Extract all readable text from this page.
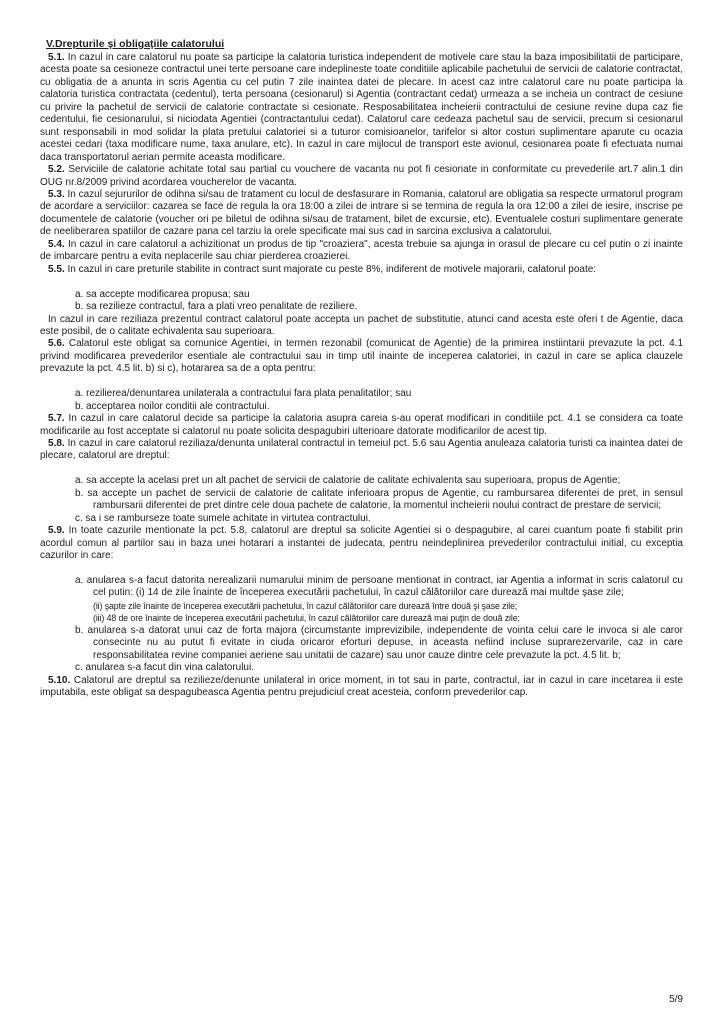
V.Drepturile şi obligaţiile calatorului

5.1. In cazul in care calatorul nu poate sa participe la calatoria turistica independent de motivele care stau la baza imposibilitatii de participare, acesta poate sa cesioneze contractul unei terte persoane care indeplineste toate conditiile aplicabile pachetului de servicii de calatorie contractat, cu obligatia de a anunta in scris Agentia cu cel putin 7 zile inaintea datei de plecare. In acest caz intre calatorul care nu poate participa la calatoria turistica contractata (cedentul), terta persoana (cesionarul) si Agentia (contractant cedat) urmeaza a se incheia un contract de cesiune cu privire la pachetul de servicii de calatorie contractate si cesionate. Resposabilitatea incheierii contractului de cesiune revine dupa caz fie cedentului, fie cesionarului, si niciodata Agentiei (contractantului cedat). Calatorul care cedeaza pachetul sau de servicii, precum si cesionarul sunt responsabili in mod solidar la plata pretului calatoriei si a tuturor comisioanelor, tarifelor si altor costuri suplimentare aparute cu ocazia acestei cedari (taxa modificare nume, taxa anulare, etc). In cazul in care mijlocul de transport este avionul, cesionarea poate fi efectuata numai daca transportatorul aerian permite aceasta modificare.

5.2. Serviciile de calatorie achitate total sau partial cu vouchere de vacanta nu pot fi cesionate in conformitate cu prevederile art.7 alin.1 din OUG nr.8/2009 privind acordarea voucherelor de vacanta.

5.3. In cazul sejururilor de odihna si/sau de tratament cu locul de desfasurare in Romania, calatorul are obligatia sa respecte urmatorul program de acordare a serviciilor: cazarea se face de regula la ora 18:00 a zilei de intrare si se termina de regula la ora 12:00 a zilei de iesire, inscrise pe documentele de calatorie (voucher ori pe biletul de odihna si/sau de tratament, bilet de excursie, etc). Eventualele costuri suplimentare generate de neeliberarea spatiilor de cazare pana cel tarziu la orele specificate mai sus cad in sarcina exclusiva a calatorului.

5.4. In cazul in care calatorul a achizitionat un produs de tip "croaziera", acesta trebuie sa ajunga in orasul de plecare cu cel putin o zi inainte de imbarcare pentru a evita neplacerile sau chiar pierderea croazierei.

5.5. In cazul in care preturile stabilite in contract sunt majorate cu peste 8%, indiferent de motivele majorarii, calatorul poate:

a. sa accepte modificarea propusa; sau

b. sa rezilieze contractul, fara a plati vreo penalitate de reziliere.

In cazul in care reziliaza prezentul contract calatorul poate accepta un pachet de substitutie, atunci cand acesta este oferi t de Agentie, daca este posibil, de o calitate echivalenta sau superioara.

5.6. Calatorul este obligat sa comunice Agentiei, in termen rezonabil (comunicat de Agentie) de la primirea instiintarii prevazute la pct. 4.1 privind modificarea prevederilor esentiale ale contractului sau in timp util inainte de inceperea calatoriei, in cazul in care se aplica clauzele prevazute la pct. 4.5 lit. b) si c), hotararea sa de a opta pentru:

a. rezilierea/denuntarea unilaterala a contractului fara plata penalitatilor; sau

b. acceptarea noilor conditii ale contractului.

5.7. In cazul in care calatorul decide sa participe la calatoria asupra careia s-au operat modificari in conditiile pct. 4.1 se considera ca toate modificarile au fost acceptate si calatorul nu poate solicita despagubiri ulterioare datorate modificarilor de acest tip.

5.8. In cazul in care calatorul reziliaza/denunta unilateral contractul in temeiul pct. 5.6 sau Agentia anuleaza calatoria turisti ca inaintea datei de plecare, calatorul are dreptul:

a. sa accepte la acelasi pret un alt pachet de servicii de calatorie de calitate echivalenta sau superioara, propus de Agentie;

b. sa accepte un pachet de servicii de calatorie de calitate inferioara propus de Agentie, cu rambursarea diferentei de pret, in sensul rambursarii diferentei de pret dintre cele doua pachete de calatorie, la momentul incheierii noului contract de prestare de servicii;

c. sa i se ramburseze toate sumele achitate in virtutea contractului.

5.9. In toate cazurile mentionate la pct. 5.8, calatorul are dreptul sa solicite Agentiei si o despagubire, al carei cuantum poate fi stabilit prin acordul comun al partilor sau in baza unei hotarari a instantei de judecata, pentru neindeplinirea prevederilor contractului initial, cu exceptia cazurilor in care:

a. anularea s-a facut datorita nerealizarii numarului minim de persoane mentionat in contract, iar Agentia a informat in scris calatorul cu cel putin: (i) 14 de zile înainte de începerea executării pachetului, în cazul călătoriilor care durează mai multde şase zile;

(ii) şapte zile înainte de începerea executării pachetului, în cazul călătoriilor care durează între două şi şase zile;

(iii) 48 de ore înainte de începerea executării pachetului, în cazul călătoriilor care durează mai puţin de două zile;

b. anularea s-a datorat unui caz de forta majora (circumstante imprevizibile, independente de vointa celui care le invoca si ale caror consecinte nu au putut fi evitate in ciuda oricaror eforturi depuse, in aceasta nefiind incluse suprarezervarile, caz in care responsabilitatea revine companiei aeriene sau unitatii de cazare) sau unor cauze dintre cele prevazute la pct. 4.5 lit. b;

c. anularea s-a facut din vina calatorului.

5.10. Calatorul are dreptul sa rezilieze/denunte unilateral in orice moment, in tot sau in parte, contractul, iar in cazul in care incetarea ii este imputabila, este obligat sa despagubeasca Agentia pentru prejudiciul creat acesteia, conform prevederilor cap.

5/9
